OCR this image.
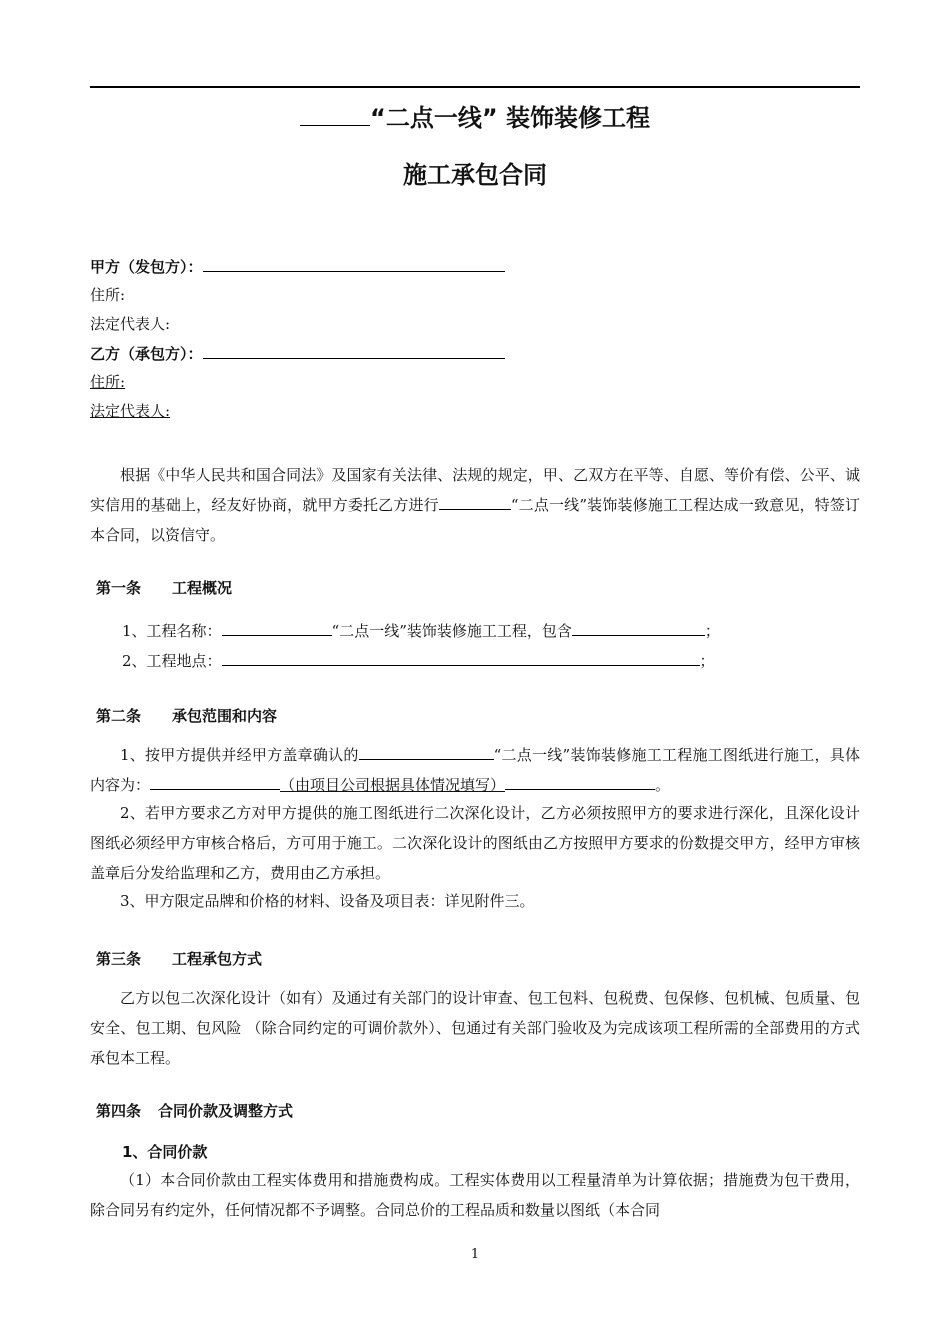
“二点一线” 装饰装修工程
施工承包合同
甲方（发包方）：
住所:
法定代表人:
乙方（承包方）：
住所:
法定代表人:
根据《中华人民共和国合同法》及国家有关法律、法规的规定，甲、乙双方在平等、自愿、等价有偿、公平、诚实信用的基础上，经友好协商，就甲方委托乙方进行	“二点一线”装饰装修施工工程达成一致意见，特签订本合同，以资信守。
第一条 工程概况
1、工程名称：	“二点一线”装饰装修施工工程，包含	；
2、工程地点：	；
第二条 承包范围和内容
1、按甲方提供并经甲方盖章确认的	“二点一线”装饰装修施工工程施工图纸进行施工，具体内容为：	（由项目公司根据具体情况填写）	。
2、若甲方要求乙方对甲方提供的施工图纸进行二次深化设计，乙方必须按照甲方的要求进行深化，且深化设计图纸必须经甲方审核合格后，方可用于施工。二次深化设计的图纸由乙方按照甲方要求的份数提交甲方，经甲方审核盖章后分发给监理和乙方，费用由乙方承担。
3、甲方限定品牌和价格的材料、设备及项目表：详见附件三。
第三条 工程承包方式
乙方以包二次深化设计（如有）及通过有关部门的设计审查、包工包料、包税费、包保修、包机械、包质量、包安全、包工期、包风险 （除合同约定的可调价款外）、包通过有关部门验收及为完成该项工程所需的全部费用的方式承包本工程。
第四条 合同价款及调整方式
1、合同价款
（1）本合同价款由工程实体费用和措施费构成。工程实体费用以工程量清单为计算依据；措施费为包干费用，除合同另有约定外，任何情况都不予调整。合同总价的工程品质和数量以图纸（本合同
1
